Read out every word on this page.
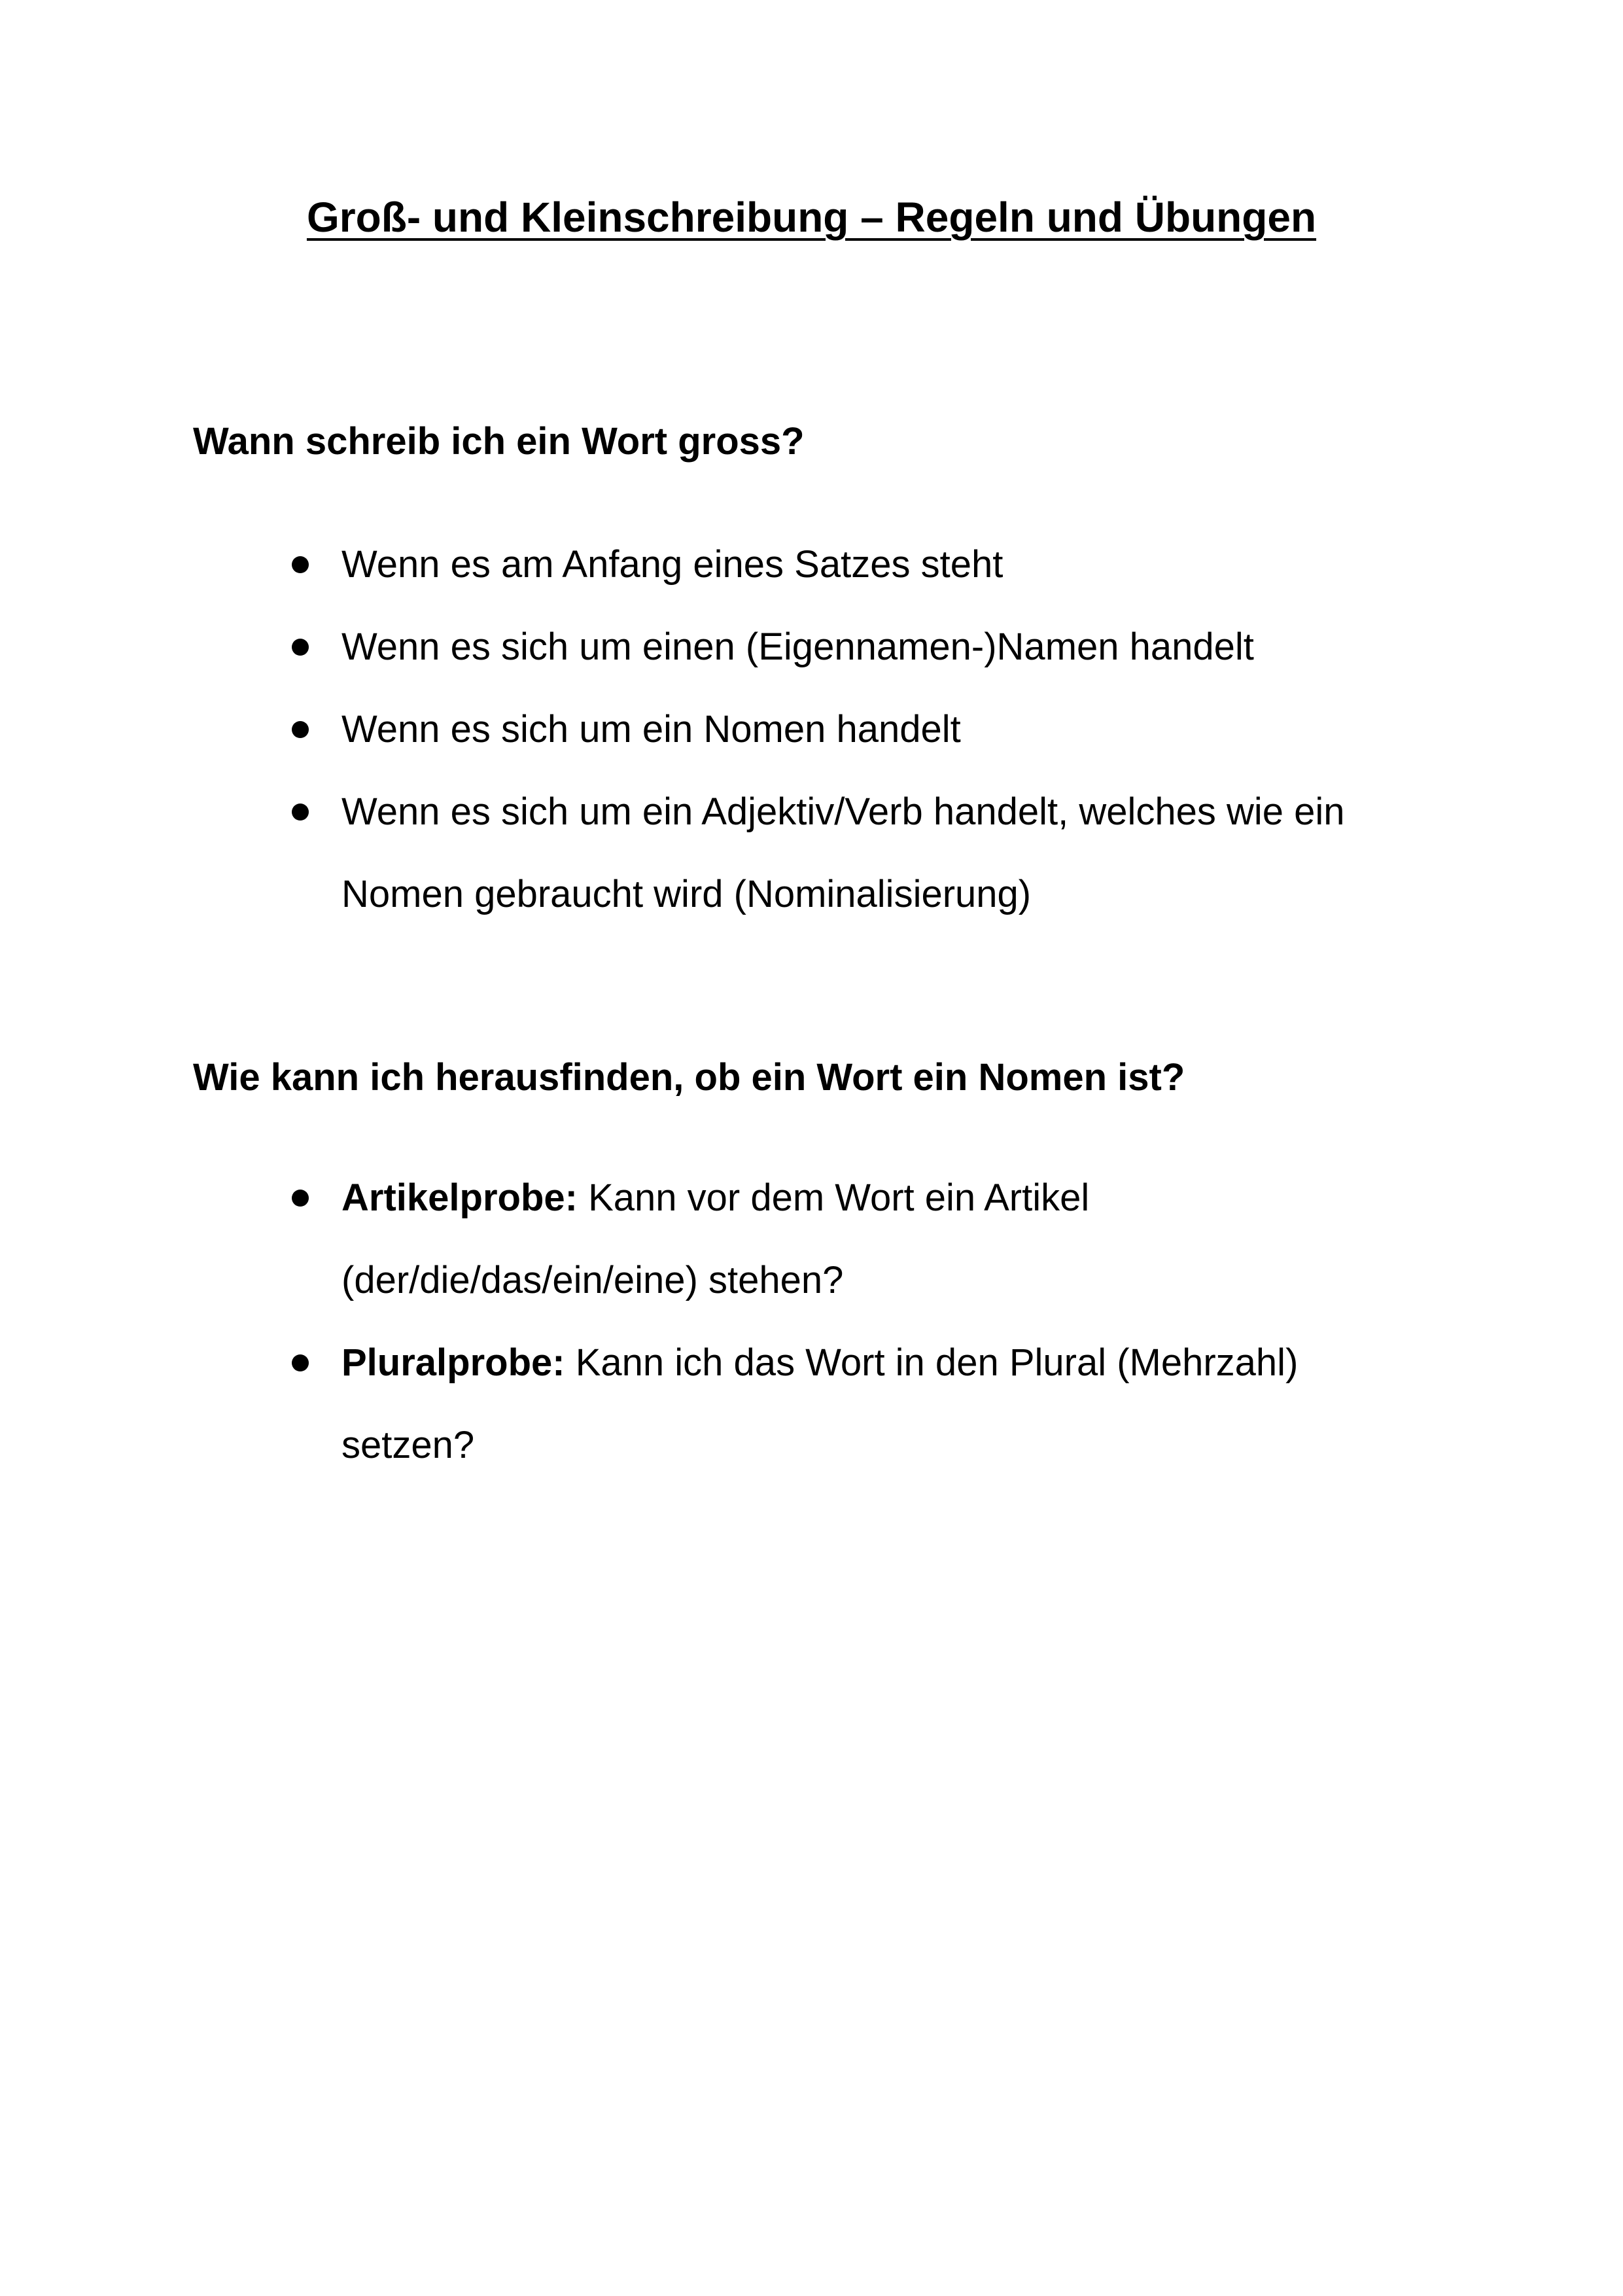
Groß- und Kleinschreibung – Regeln und Übungen
Wann schreib ich ein Wort gross?
Wenn es am Anfang eines Satzes steht
Wenn es sich um einen (Eigennamen-)Namen handelt
Wenn es sich um ein Nomen handelt
Wenn es sich um ein Adjektiv/Verb handelt, welches wie ein Nomen gebraucht wird (Nominalisierung)
Wie kann ich herausfinden, ob ein Wort ein Nomen ist?
Artikelprobe: Kann vor dem Wort ein Artikel (der/die/das/ein/eine) stehen?
Pluralprobe: Kann ich das Wort in den Plural (Mehrzahl) setzen?
